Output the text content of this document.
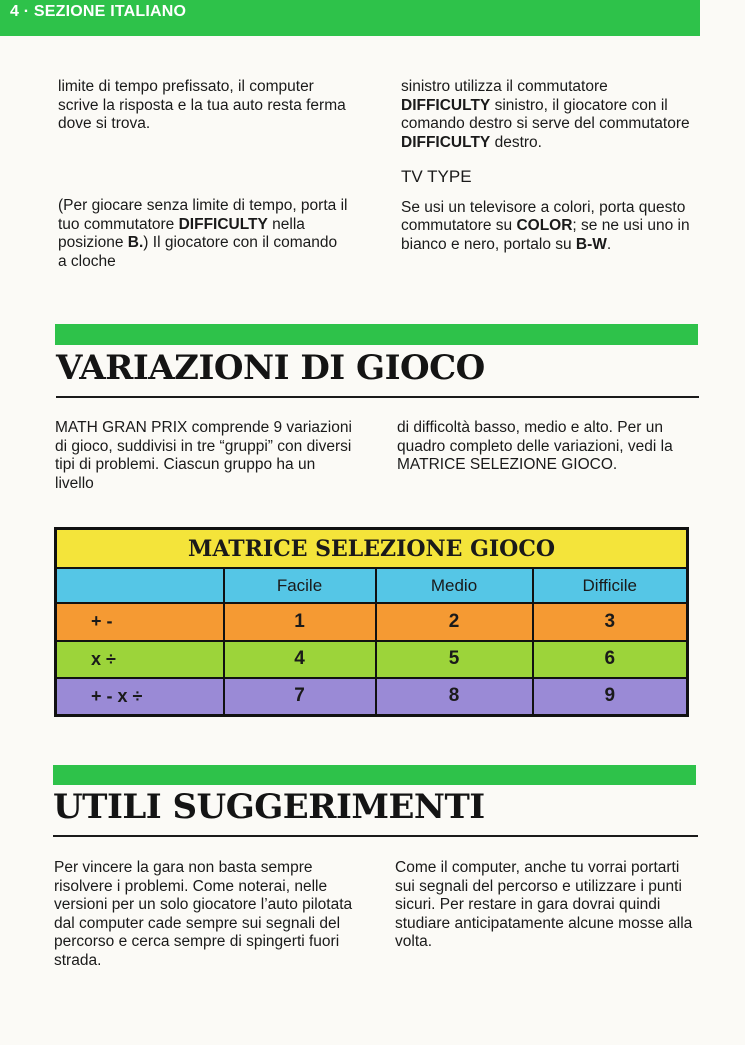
4 · SEZIONE ITALIANO

limite di tempo prefissato, il computer scrive la risposta e la tua auto resta ferma dove si trova.

(Per giocare senza limite di tempo, porta il tuo commutatore DIFFICULTY nella posizione B.) Il giocatore con il comando a cloche

sinistro utilizza il commutatore DIFFICULTY sinistro, il giocatore con il comando destro si serve del commutatore DIFFICULTY destro.

TV TYPE

Se usi un televisore a colori, porta questo commutatore su COLOR; se ne usi uno in bianco e nero, portalo su B-W.

VARIAZIONI DI GIOCO

MATH GRAN PRIX comprende 9 variazioni di gioco, suddivisi in tre “gruppi” con diversi tipi di problemi. Ciascun gruppo ha un livello

di difficoltà basso, medio e alto. Per un quadro completo delle variazioni, vedi la MATRICE SELEZIONE GIOCO.

MATRICE SELEZIONE GIOCO			
	Facile	Medio	Difficile
+ -	1	2	3
x ÷	4	5	6
+ - x ÷	7	8	9
UTILI SUGGERIMENTI

Per vincere la gara non basta sempre risolvere i problemi. Come noterai, nelle versioni per un solo giocatore l’auto pilotata dal computer cade sempre sui segnali del percorso e cerca sempre di spingerti fuori strada.

Come il computer, anche tu vorrai portarti sui segnali del percorso e utilizzare i punti sicuri. Per restare in gara dovrai quindi studiare anticipatamente alcune mosse alla volta.
